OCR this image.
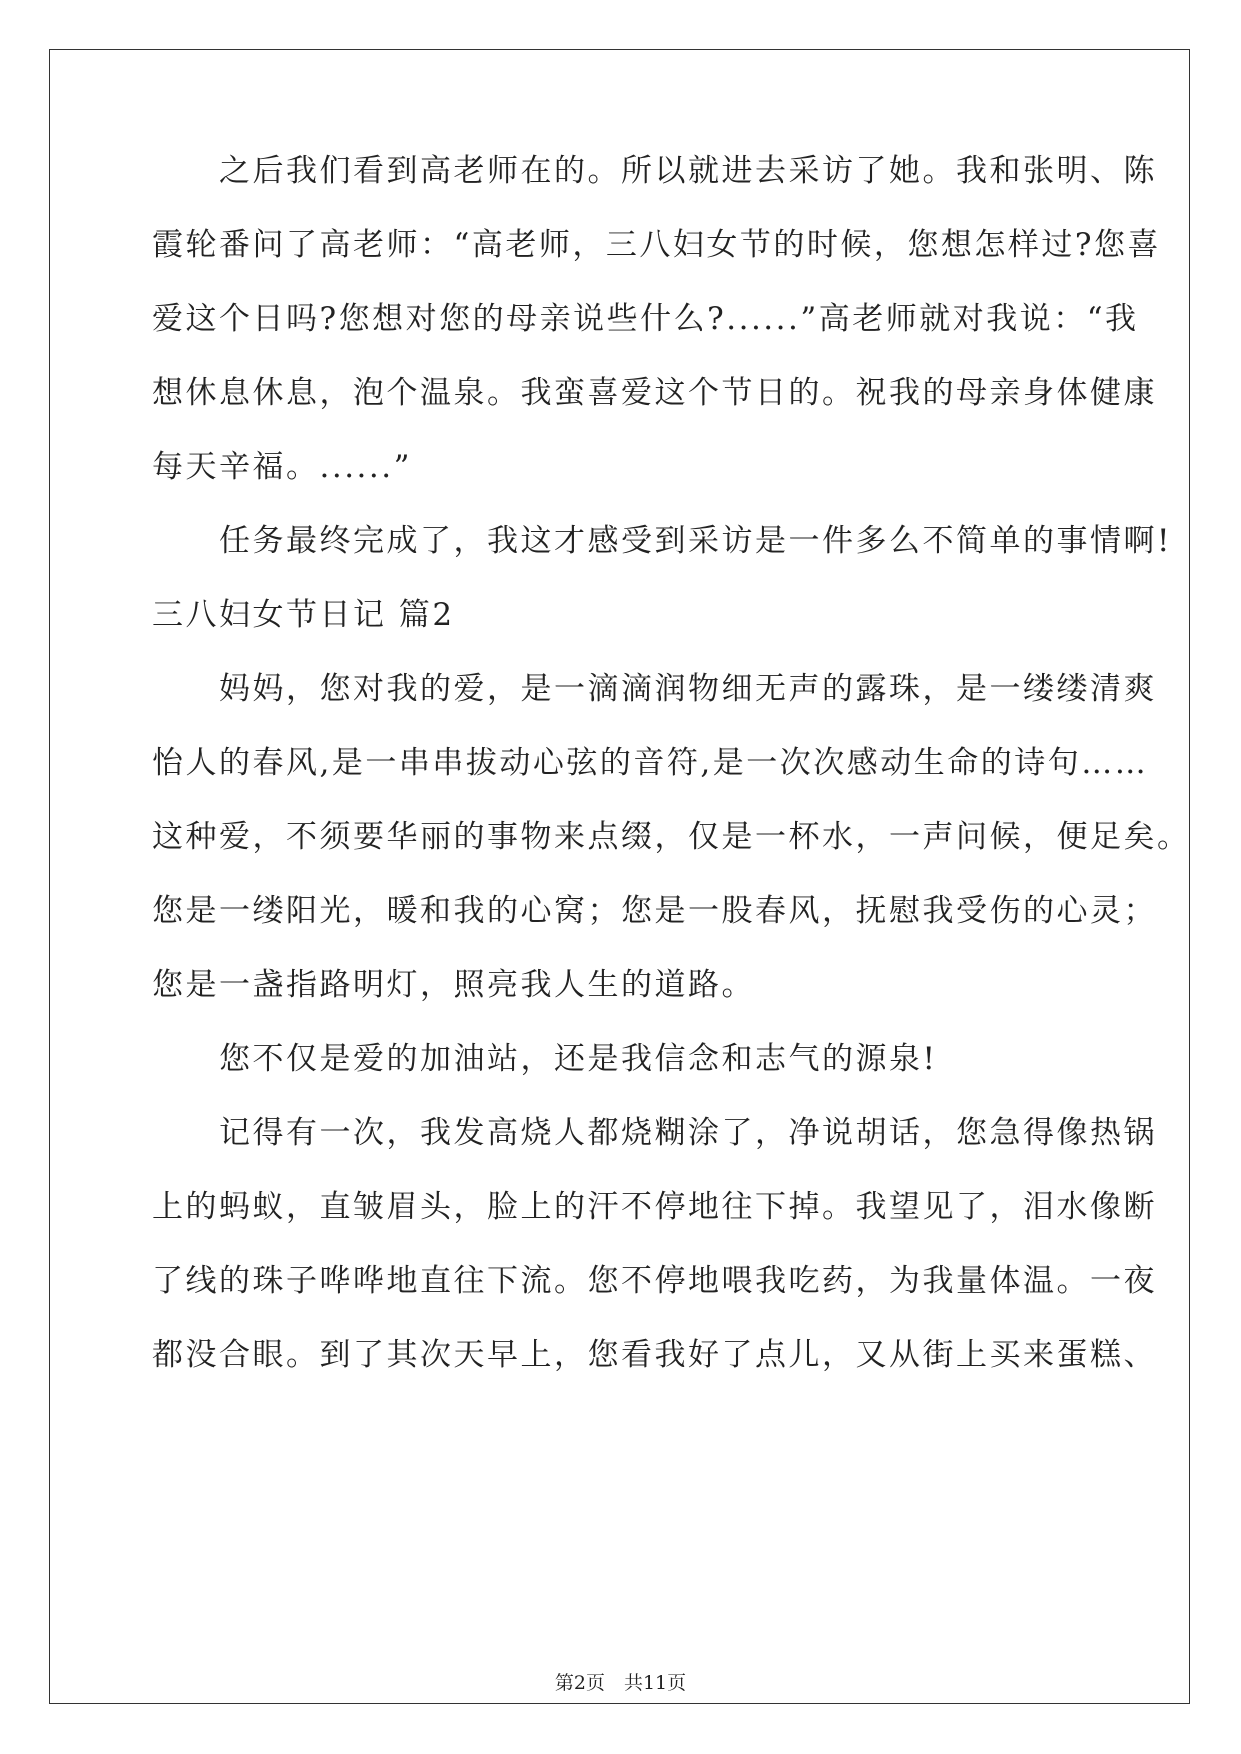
　　之后我们看到高老师在的。所以就进去采访了她。我和张明、陈
霞轮番问了高老师：“高老师，三八妇女节的时候，您想怎样过?您喜
爱这个日吗?您想对您的母亲说些什么?......”高老师就对我说：“我
想休息休息，泡个温泉。我蛮喜爱这个节日的。祝我的母亲身体健康
每天辛福。......”
　　任务最终完成了，我这才感受到采访是一件多么不简单的事情啊!
三八妇女节日记 篇2
　　妈妈，您对我的爱，是一滴滴润物细无声的露珠，是一缕缕清爽
怡人的春风,是一串串拔动心弦的音符,是一次次感动生命的诗句……
这种爱，不须要华丽的事物来点缀，仅是一杯水，一声问候，便足矣。
您是一缕阳光，暖和我的心窝；您是一股春风，抚慰我受伤的心灵；
您是一盏指路明灯，照亮我人生的道路。
　　您不仅是爱的加油站，还是我信念和志气的源泉!
　　记得有一次，我发高烧人都烧糊涂了，净说胡话，您急得像热锅
上的蚂蚁，直皱眉头，脸上的汗不停地往下掉。我望见了，泪水像断
了线的珠子哗哗地直往下流。您不停地喂我吃药，为我量体温。一夜
都没合眼。到了其次天早上，您看我好了点儿，又从街上买来蛋糕、
第2页　共11页
